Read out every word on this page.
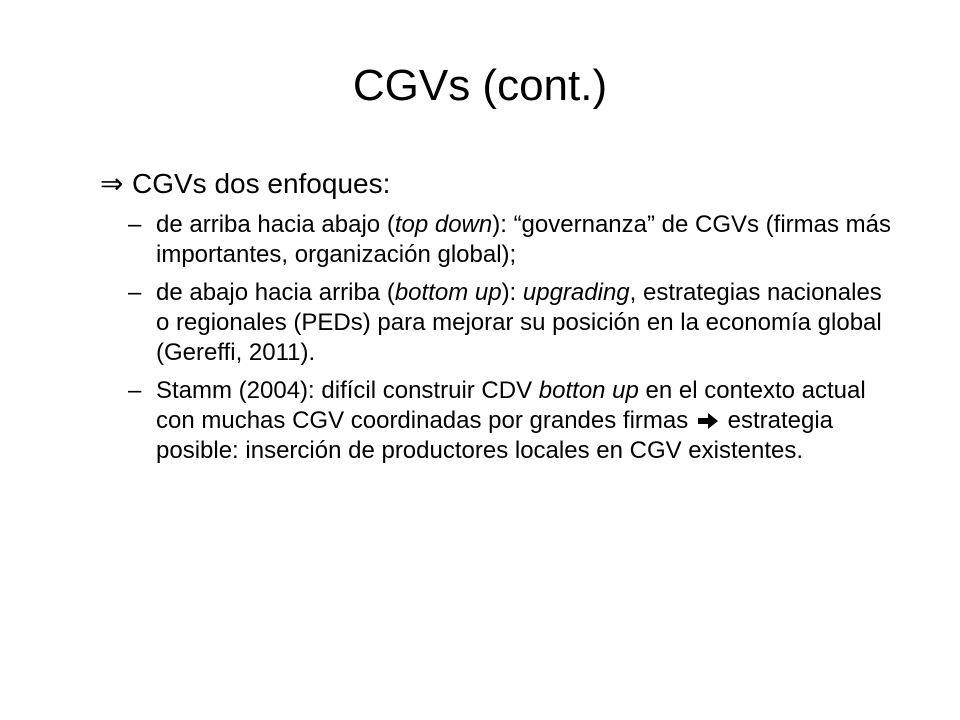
CGVs (cont.)
⇒ CGVs dos enfoques:
– de arriba hacia abajo (top down): “governanza” de CGVs (firmas más importantes, organización global);
– de abajo hacia arriba (bottom up): upgrading, estrategias nacionales o regionales (PEDs) para mejorar su posición en la economía global (Gereffi, 2011).
– Stamm (2004): difícil construir CDV botton up en el contexto actual con muchas CGV coordinadas por grandes firmas  estrategia posible: inserción de productores locales en CGV existentes.
